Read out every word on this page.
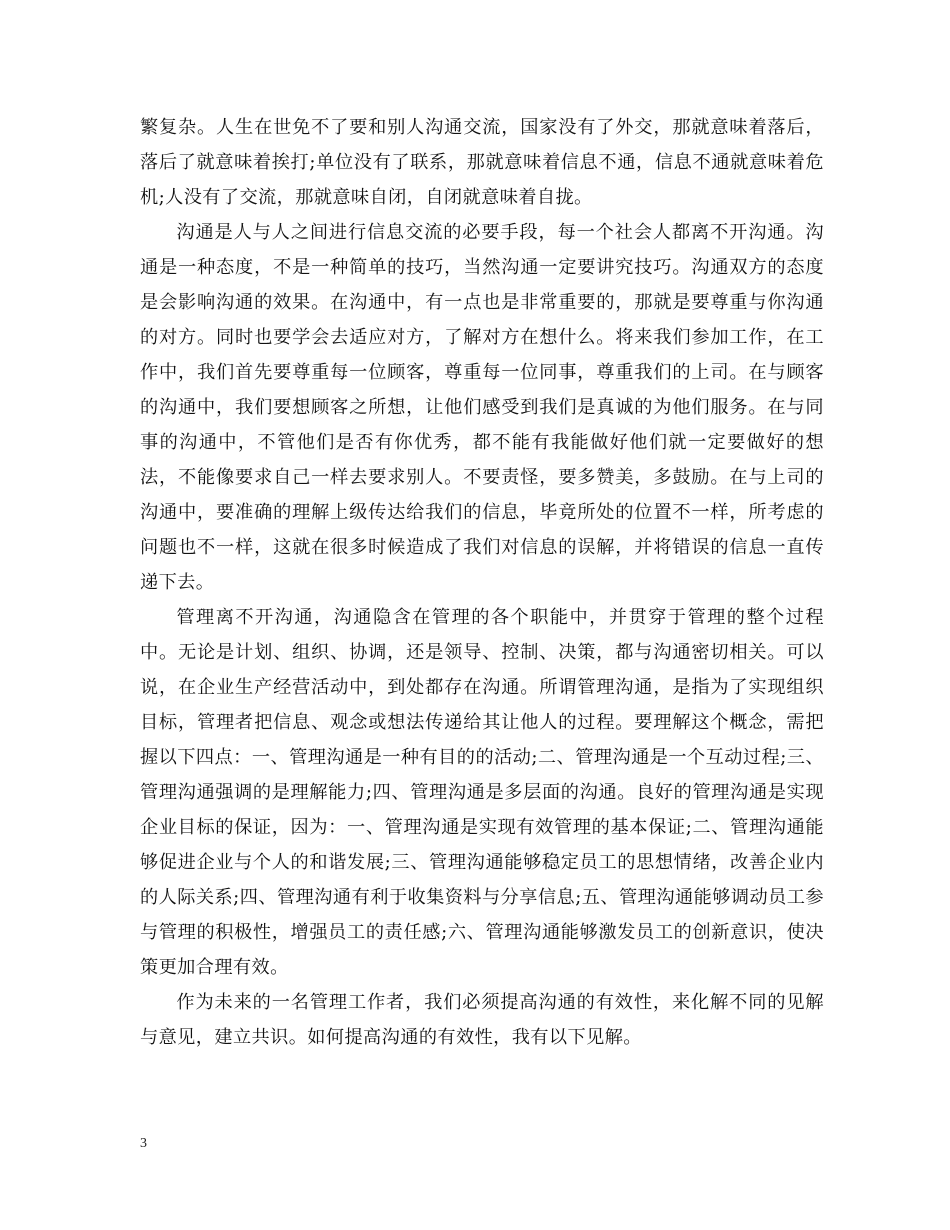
繁复杂。人生在世免不了要和别人沟通交流，国家没有了外交，那就意味着落后，落后了就意味着挨打;单位没有了联系，那就意味着信息不通，信息不通就意味着危机;人没有了交流，那就意味自闭，自闭就意味着自拢。

沟通是人与人之间进行信息交流的必要手段，每一个社会人都离不开沟通。沟通是一种态度，不是一种简单的技巧，当然沟通一定要讲究技巧。沟通双方的态度是会影响沟通的效果。在沟通中，有一点也是非常重要的，那就是要尊重与你沟通的对方。同时也要学会去适应对方，了解对方在想什么。将来我们参加工作，在工作中，我们首先要尊重每一位顾客，尊重每一位同事，尊重我们的上司。在与顾客的沟通中，我们要想顾客之所想，让他们感受到我们是真诚的为他们服务。在与同事的沟通中，不管他们是否有你优秀，都不能有我能做好他们就一定要做好的想法，不能像要求自己一样去要求别人。不要责怪，要多赞美，多鼓励。在与上司的沟通中，要准确的理解上级传达给我们的信息，毕竟所处的位置不一样，所考虑的问题也不一样，这就在很多时候造成了我们对信息的误解，并将错误的信息一直传递下去。

管理离不开沟通，沟通隐含在管理的各个职能中，并贯穿于管理的整个过程中。无论是计划、组织、协调，还是领导、控制、决策，都与沟通密切相关。可以说，在企业生产经营活动中，到处都存在沟通。所谓管理沟通，是指为了实现组织目标，管理者把信息、观念或想法传递给其让他人的过程。要理解这个概念，需把握以下四点：一、管理沟通是一种有目的的活动;二、管理沟通是一个互动过程;三、管理沟通强调的是理解能力;四、管理沟通是多层面的沟通。良好的管理沟通是实现企业目标的保证，因为：一、管理沟通是实现有效管理的基本保证;二、管理沟通能够促进企业与个人的和谐发展;三、管理沟通能够稳定员工的思想情绪，改善企业内的人际关系;四、管理沟通有利于收集资料与分享信息;五、管理沟通能够调动员工参与管理的积极性，增强员工的责任感;六、管理沟通能够激发员工的创新意识，使决策更加合理有效。

作为未来的一名管理工作者，我们必须提高沟通的有效性，来化解不同的见解与意见，建立共识。如何提高沟通的有效性，我有以下见解。

3
